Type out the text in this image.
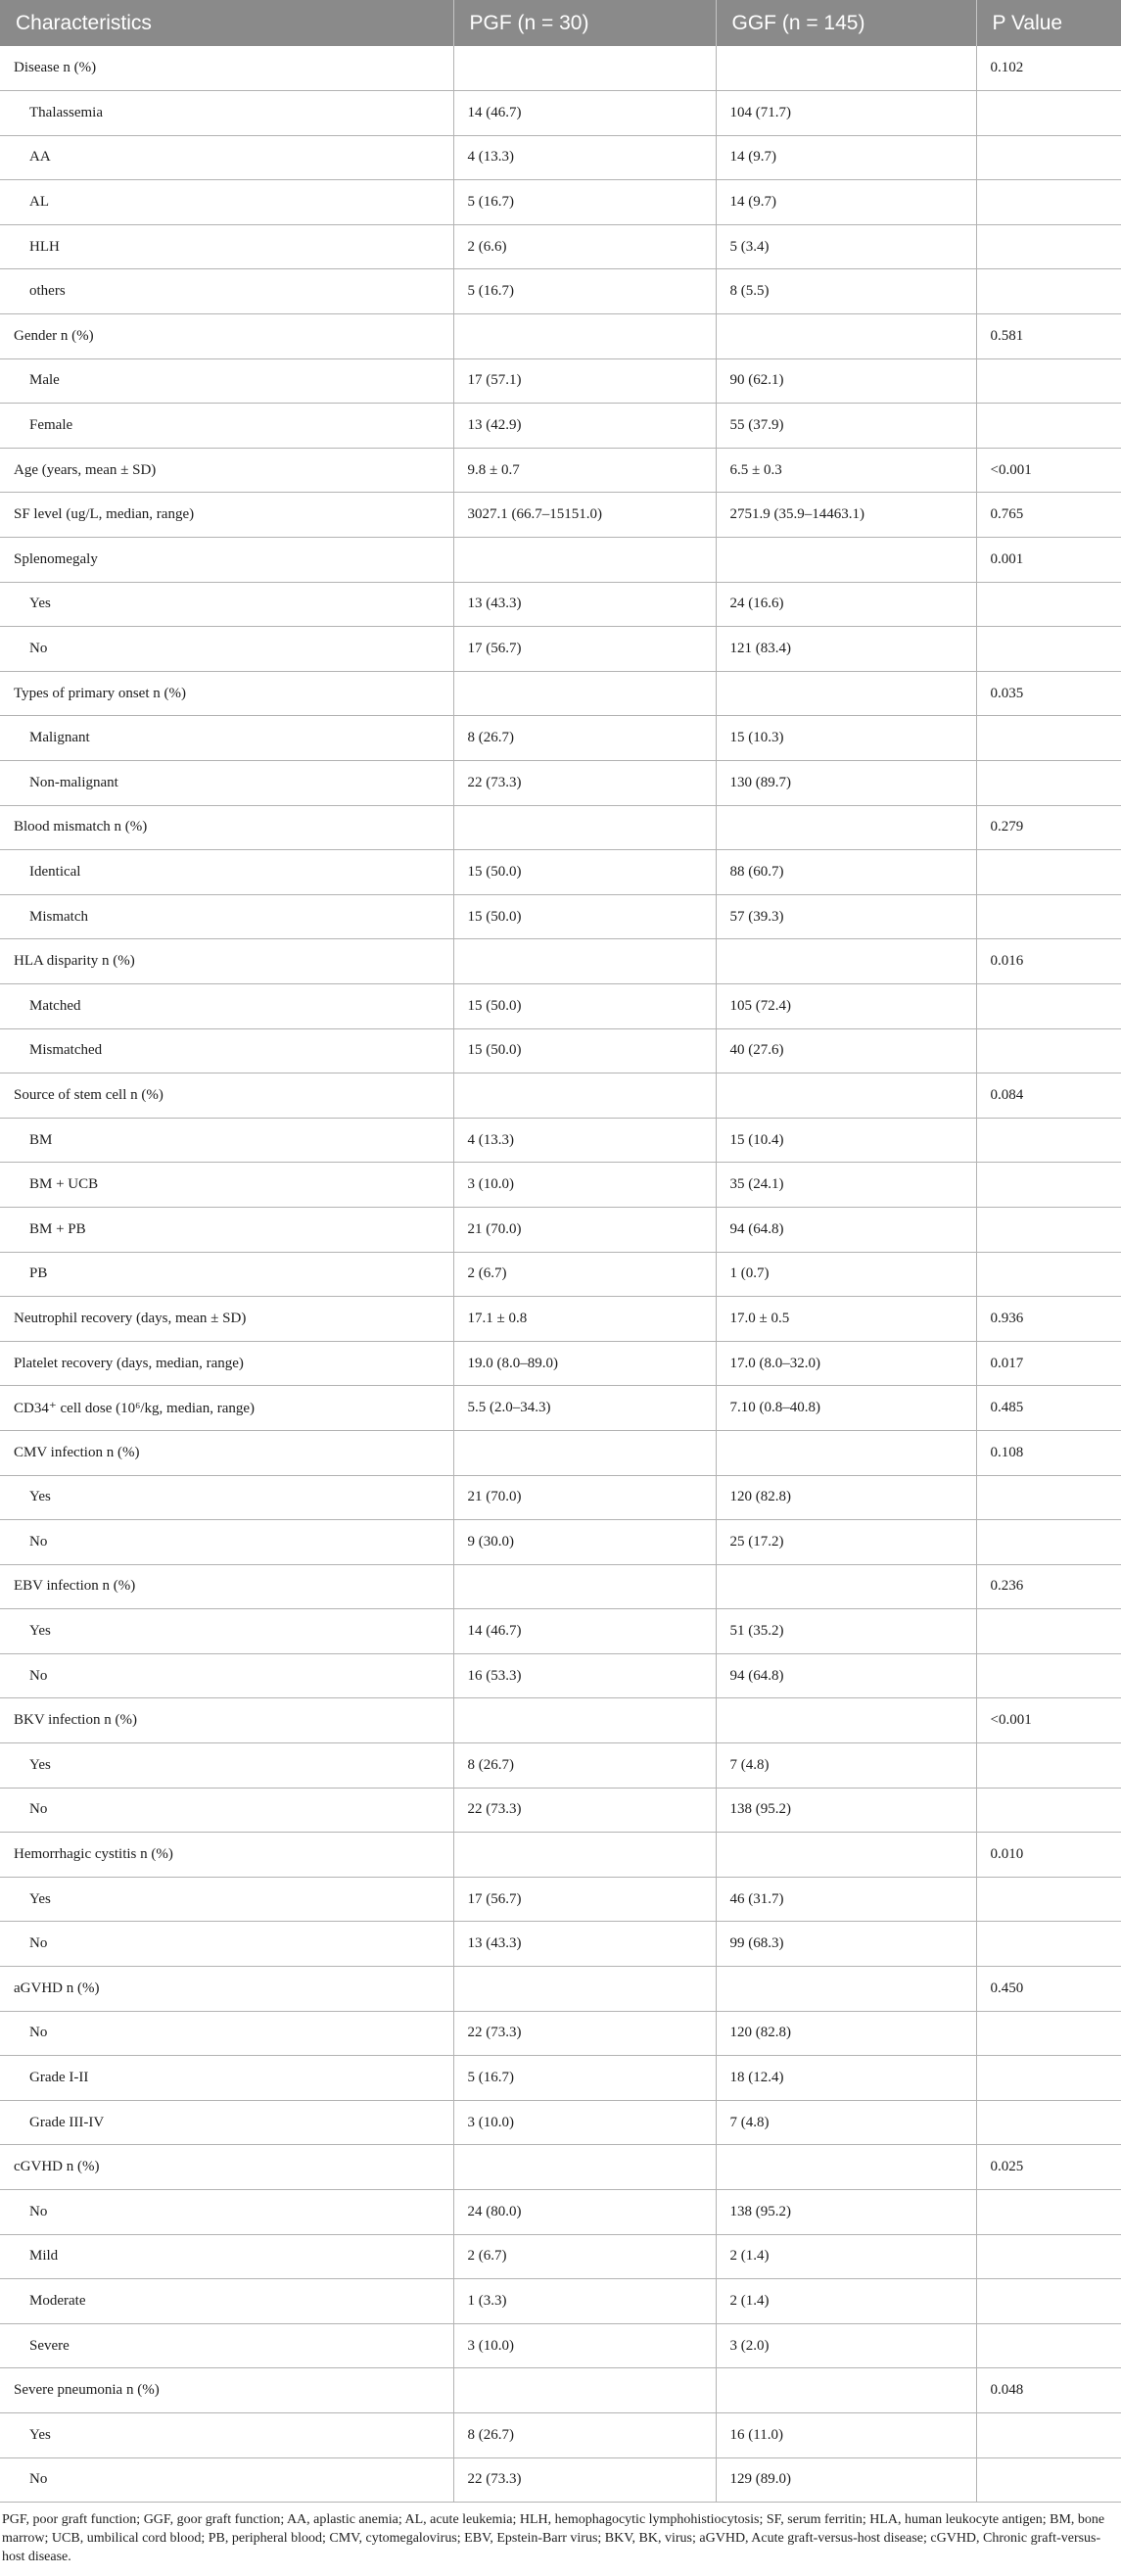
Characteristics	PGF (n = 30)	GGF (n = 145)	P Value
Disease n (%)			0.102
Thalassemia	14 (46.7)	104 (71.7)	
AA	4 (13.3)	14 (9.7)	
AL	5 (16.7)	14 (9.7)	
HLH	2 (6.6)	5 (3.4)	
others	5 (16.7)	8 (5.5)	
Gender n (%)			0.581
Male	17 (57.1)	90 (62.1)	
Female	13 (42.9)	55 (37.9)	
Age (years, mean ± SD)	9.8 ± 0.7	6.5 ± 0.3	<0.001
SF level (ug/L, median, range)	3027.1 (66.7–15151.0)	2751.9 (35.9–14463.1)	0.765
Splenomegaly			0.001
Yes	13 (43.3)	24 (16.6)	
No	17 (56.7)	121 (83.4)	
Types of primary onset n (%)			0.035
Malignant	8 (26.7)	15 (10.3)	
Non-malignant	22 (73.3)	130 (89.7)	
Blood mismatch n (%)			0.279
Identical	15 (50.0)	88 (60.7)	
Mismatch	15 (50.0)	57 (39.3)	
HLA disparity n (%)			0.016
Matched	15 (50.0)	105 (72.4)	
Mismatched	15 (50.0)	40 (27.6)	
Source of stem cell n (%)			0.084
BM	4 (13.3)	15 (10.4)	
BM + UCB	3 (10.0)	35 (24.1)	
BM + PB	21 (70.0)	94 (64.8)	
PB	2 (6.7)	1 (0.7)	
Neutrophil recovery (days, mean ± SD)	17.1 ± 0.8	17.0 ± 0.5	0.936
Platelet recovery (days, median, range)	19.0 (8.0–89.0)	17.0 (8.0–32.0)	0.017
CD34⁺ cell dose (10⁶/kg, median, range)	5.5 (2.0–34.3)	7.10 (0.8–40.8)	0.485
CMV infection n (%)			0.108
Yes	21 (70.0)	120 (82.8)	
No	9 (30.0)	25 (17.2)	
EBV infection n (%)			0.236
Yes	14 (46.7)	51 (35.2)	
No	16 (53.3)	94 (64.8)	
BKV infection n (%)			<0.001
Yes	8 (26.7)	7 (4.8)	
No	22 (73.3)	138 (95.2)	
Hemorrhagic cystitis n (%)			0.010
Yes	17 (56.7)	46 (31.7)	
No	13 (43.3)	99 (68.3)	
aGVHD n (%)			0.450
No	22 (73.3)	120 (82.8)	
Grade I-II	5 (16.7)	18 (12.4)	
Grade III-IV	3 (10.0)	7 (4.8)	
cGVHD n (%)			0.025
No	24 (80.0)	138 (95.2)	
Mild	2 (6.7)	2 (1.4)	
Moderate	1 (3.3)	2 (1.4)	
Severe	3 (10.0)	3 (2.0)	
Severe pneumonia n (%)			0.048
Yes	8 (26.7)	16 (11.0)	
No	22 (73.3)	129 (89.0)	
PGF, poor graft function; GGF, goor graft function; AA, aplastic anemia; AL, acute leukemia; HLH, hemophagocytic lymphohistiocytosis; SF, serum ferritin; HLA, human leukocyte antigen; BM, bone marrow; UCB, umbilical cord blood; PB, peripheral blood; CMV, cytomegalovirus; EBV, Epstein-Barr virus; BKV, BK, virus; aGVHD, Acute graft-versus-host disease; cGVHD, Chronic graft-versus-host disease.
